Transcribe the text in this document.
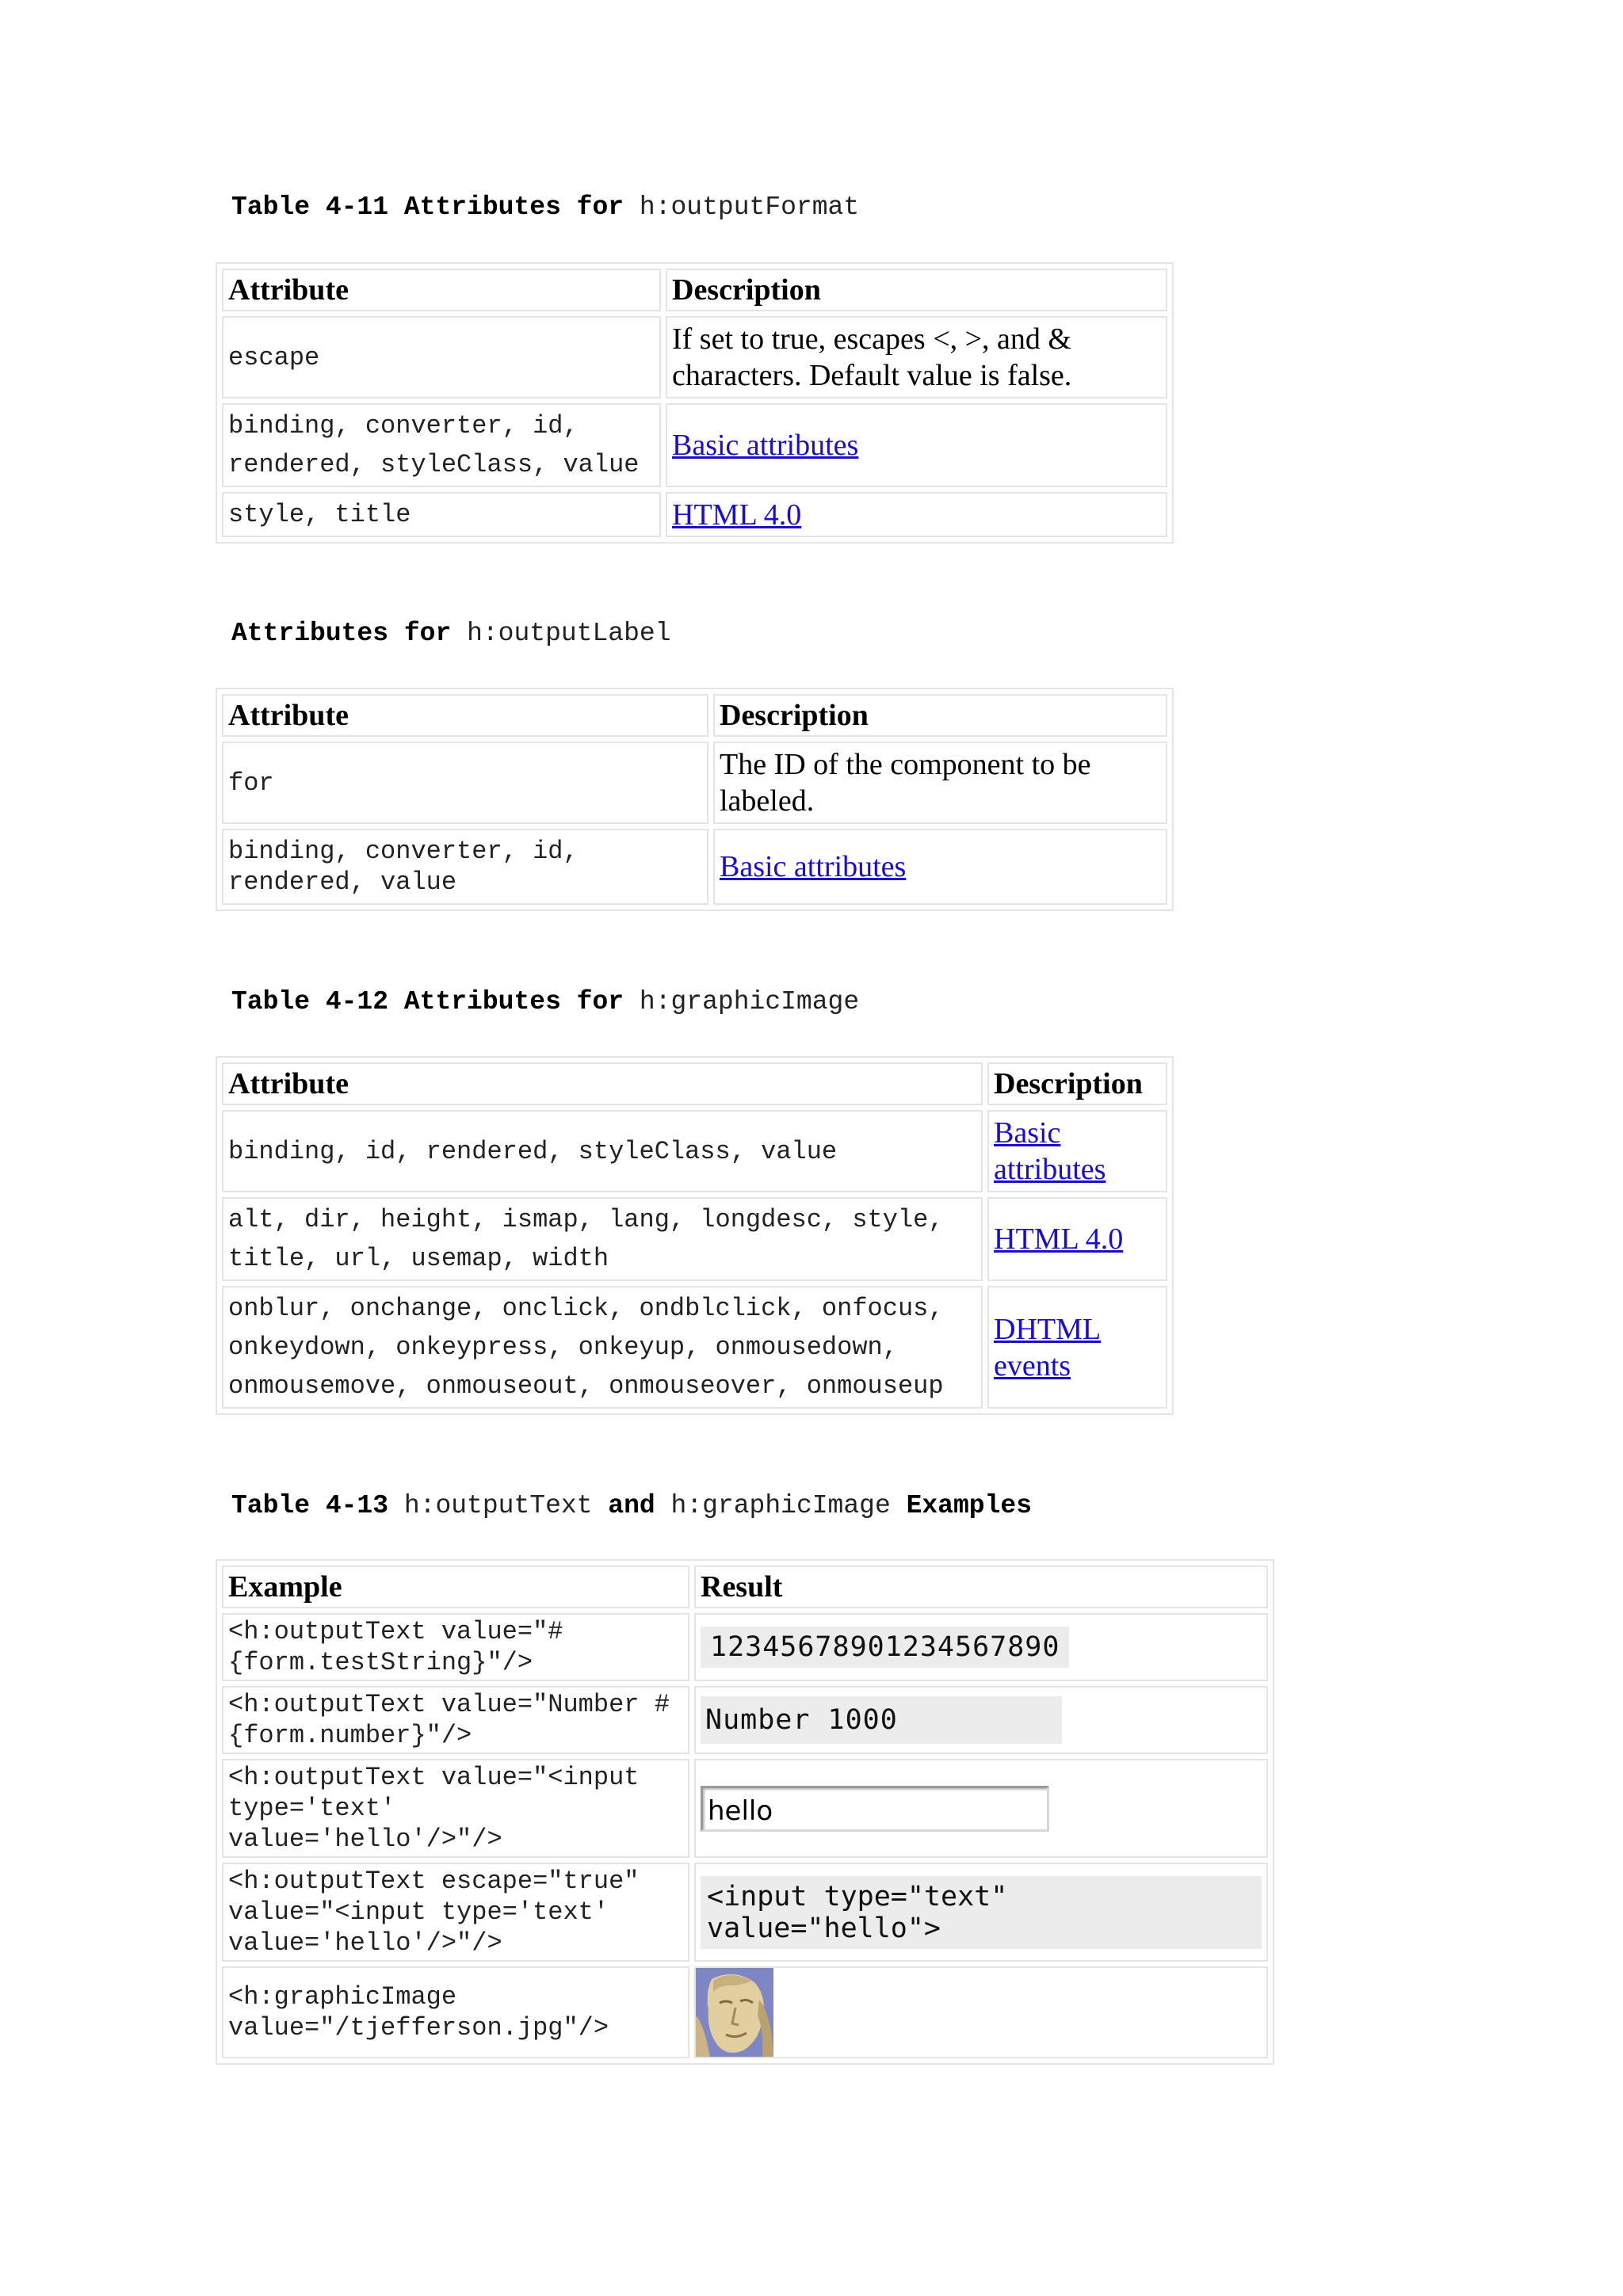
Table 4-11 Attributes for h:outputFormat
Attribute	Description
escape	If set to true, escapes <, >, and & characters. Default value is false.
binding, converter, id, rendered, styleClass, value	Basic attributes
style, title	HTML 4.0
Attributes for h:outputLabel
Attribute	Description
for	The ID of the component to be labeled.
binding, converter, id, rendered, value	Basic attributes
Table 4-12 Attributes for h:graphicImage
Attribute	Description
binding, id, rendered, styleClass, value	Basic attributes
alt, dir, height, ismap, lang, longdesc, style, title, url, usemap, width	HTML 4.0
onblur, onchange, onclick, ondblclick, onfocus, onkeydown, onkeypress, onkeyup, onmousedown, onmousemove, onmouseout, onmouseover, onmouseup	DHTML events
Table 4-13 h:outputText and h:graphicImage Examples
Example	Result
<h:outputText value="#{form.testString}"/>	12345678901234567890
<h:outputText value="Number #{form.number}"/>	Number 1000
<h:outputText value="<input type='text' value='hello'/>"/>	hello
<h:outputText escape="true" value="<input type='text' value='hello'/>"/>	<input type="text" value="hello">
<h:graphicImage value="/tjefferson.jpg"/>	
